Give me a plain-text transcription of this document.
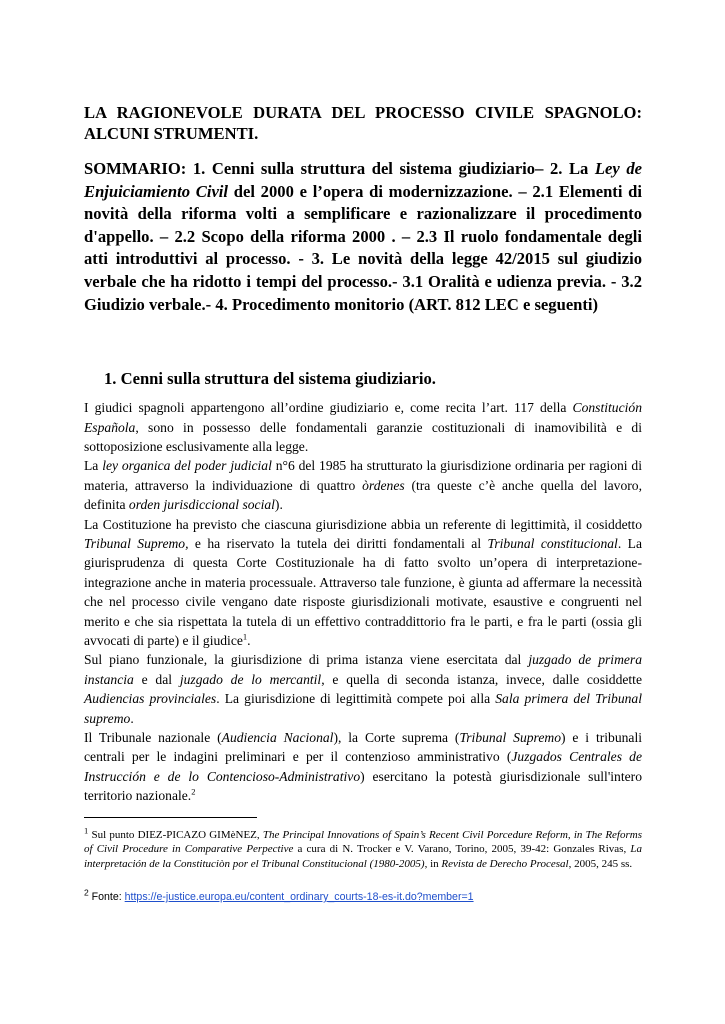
LA RAGIONEVOLE DURATA DEL PROCESSO CIVILE SPAGNOLO: ALCUNI STRUMENTI.

SOMMARIO: 1. Cenni sulla struttura del sistema giudiziario– 2. La Ley de Enjuiciamiento Civil del 2000 e l’opera di modernizzazione. – 2.1 Elementi di novità della riforma volti a semplificare e razionalizzare il procedimento d'appello. – 2.2 Scopo della riforma 2000 . – 2.3 Il ruolo fondamentale degli atti introduttivi al processo. - 3. Le novità della legge 42/2015 sul giudizio verbale che ha ridotto i tempi del processo.- 3.1 Oralità e udienza previa. - 3.2 Giudizio verbale.- 4. Procedimento monitorio (ART. 812 LEC e seguenti)

1. Cenni sulla struttura del sistema giudiziario.

I giudici spagnoli appartengono all’ordine giudiziario e, come recita l’art. 117 della Constitución Española, sono in possesso delle fondamentali garanzie costituzionali di inamovibilità e di sottoposizione esclusivamente alla legge.

La ley organica del poder judicial n°6 del 1985 ha strutturato la giurisdizione ordinaria per ragioni di materia, attraverso la individuazione di quattro òrdenes (tra queste c’è anche quella del lavoro, definita orden jurisdiccional social).

La Costituzione ha previsto che ciascuna giurisdizione abbia un referente di legittimità, il cosiddetto Tribunal Supremo, e ha riservato la tutela dei diritti fondamentali al Tribunal constitucional. La giurisprudenza di questa Corte Costituzionale ha di fatto svolto un’opera di interpretazione-integrazione anche in materia processuale. Attraverso tale funzione, è giunta ad affermare la necessità che nel processo civile vengano date risposte giurisdizionali motivate, esaustive e congruenti nel merito e che sia rispettata la tutela di un effettivo contraddittorio fra le parti, e fra le parti (ossia gli avvocati di parte) e il giudice$^1$.

Sul piano funzionale, la giurisdizione di prima istanza viene esercitata dal juzgado de primera instancia e dal juzgado de lo mercantil, e quella di seconda istanza, invece, dalle cosiddette Audiencias provinciales. La giurisdizione di legittimità compete poi alla Sala primera del Tribunal supremo.

Il Tribunale nazionale (Audiencia Nacional), la Corte suprema (Tribunal Supremo) e i tribunali centrali per le indagini preliminari e per il contenzioso amministrativo (Juzgados Centrales de Instrucción e de lo Contencioso-Administrativo) esercitano la potestà giurisdizionale sull'intero territorio nazionale.$^2$

$^1$ Sul punto DIEZ-PICAZO GIMèNEZ, The Principal Innovations of Spain’s Recent Civil Porcedure Reform, in The Reforms of Civil Procedure in Comparative Perpective a cura di N. Trocker e V. Varano, Torino, 2005, 39-42: Gonzales Rivas, La interpretación de la Constituciòn por el Tribunal Constitucional (1980-2005), in Revista de Derecho Procesal, 2005, 245 ss.

$^2$ Fonte: https://e-justice.europa.eu/content_ordinary_courts-18-es-it.do?member=1
